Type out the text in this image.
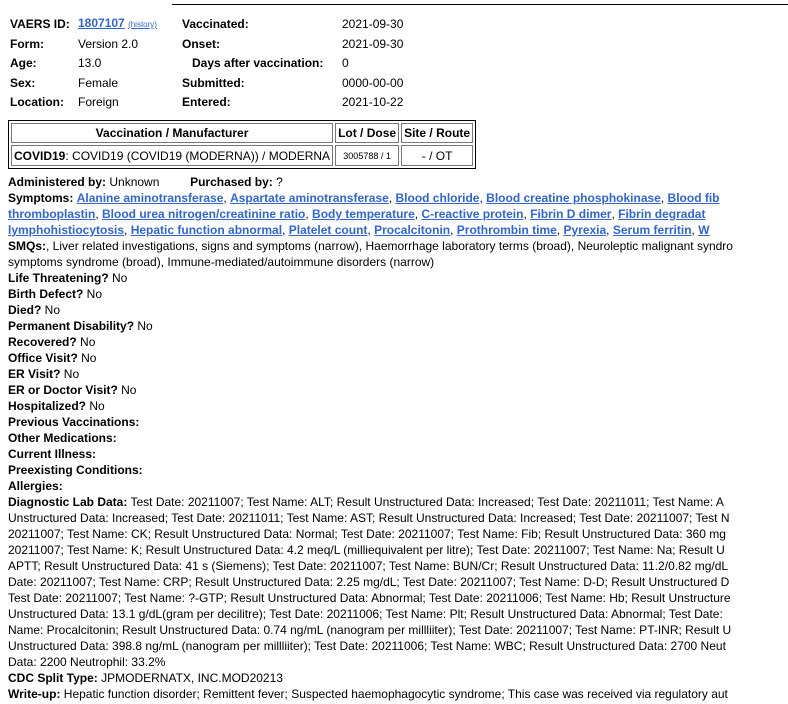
VAERS ID:	1807107 (history)	Vaccinated:	2021-09-30
Form:	Version 2.0	Onset:	2021-09-30
Age:	13.0	Days after vaccination:	0
Sex:	Female	Submitted:	0000-00-00
Location:	Foreign	Entered:	2021-10-22
Vaccination / Manufacturer	Lot / Dose	Site / Route
COVID19: COVID19 (COVID19 (MODERNA)) / MODERNA	3005788 / 1	- / OT
Administered by: Unknown	Purchased by: ?
Symptoms: Alanine aminotransferase, Aspartate aminotransferase, Blood chloride, Blood creatine phosphokinase, Blood fib
thromboplastin, Blood urea nitrogen/creatinine ratio, Body temperature, C-reactive protein, Fibrin D dimer, Fibrin degradat
lymphohistiocytosis, Hepatic function abnormal, Platelet count, Procalcitonin, Prothrombin time, Pyrexia, Serum ferritin, W
SMQs:, Liver related investigations, signs and symptoms (narrow), Haemorrhage laboratory terms (broad), Neuroleptic malignant syndro
symptoms syndrome (broad), Immune-mediated/autoimmune disorders (narrow)
Life Threatening? No
Birth Defect? No
Died? No
Permanent Disability? No
Recovered? No
Office Visit? No
ER Visit? No
ER or Doctor Visit? No
Hospitalized? No
Previous Vaccinations:
Other Medications:
Current Illness:
Preexisting Conditions:
Allergies:
Diagnostic Lab Data: Test Date: 20211007; Test Name: ALT; Result Unstructured Data: Increased; Test Date: 20211011; Test Name: A
Unstructured Data: Increased; Test Date: 20211011; Test Name: AST; Result Unstructured Data: Increased; Test Date: 20211007; Test N
20211007; Test Name: CK; Result Unstructured Data: Normal; Test Date: 20211007; Test Name: Fib; Result Unstructured Data: 360 mg
20211007; Test Name: K; Result Unstructured Data: 4.2 meq/L (milliequivalent per litre); Test Date: 20211007; Test Name: Na; Result U
APTT; Result Unstructured Data: 41 s (Siemens); Test Date: 20211007; Test Name: BUN/Cr; Result Unstructured Data: 11.2/0.82 mg/dL
Date: 20211007; Test Name: CRP; Result Unstructured Data: 2.25 mg/dL; Test Date: 20211007; Test Name: D-D; Result Unstructured D
Test Date: 20211007; Test Name: ?-GTP; Result Unstructured Data: Abnormal; Test Date: 20211006; Test Name: Hb; Result Unstructure
Unstructured Data: 13.1 g/dL(gram per decilitre); Test Date: 20211006; Test Name: Plt; Result Unstructured Data: Abnormal; Test Date:
Name: Procalcitonin; Result Unstructured Data: 0.74 ng/mL (nanogram per millliiter); Test Date: 20211007; Test Name: PT-INR; Result U
Unstructured Data: 398.8 ng/mL (nanogram per millliiter); Test Date: 20211006; Test Name: WBC; Result Unstructured Data: 2700 Neut
Data: 2200 Neutrophil: 33.2%
CDC Split Type: JPMODERNATX, INC.MOD20213
Write-up: Hepatic function disorder; Remittent fever; Suspected haemophagocytic syndrome; This case was received via regulatory aut
